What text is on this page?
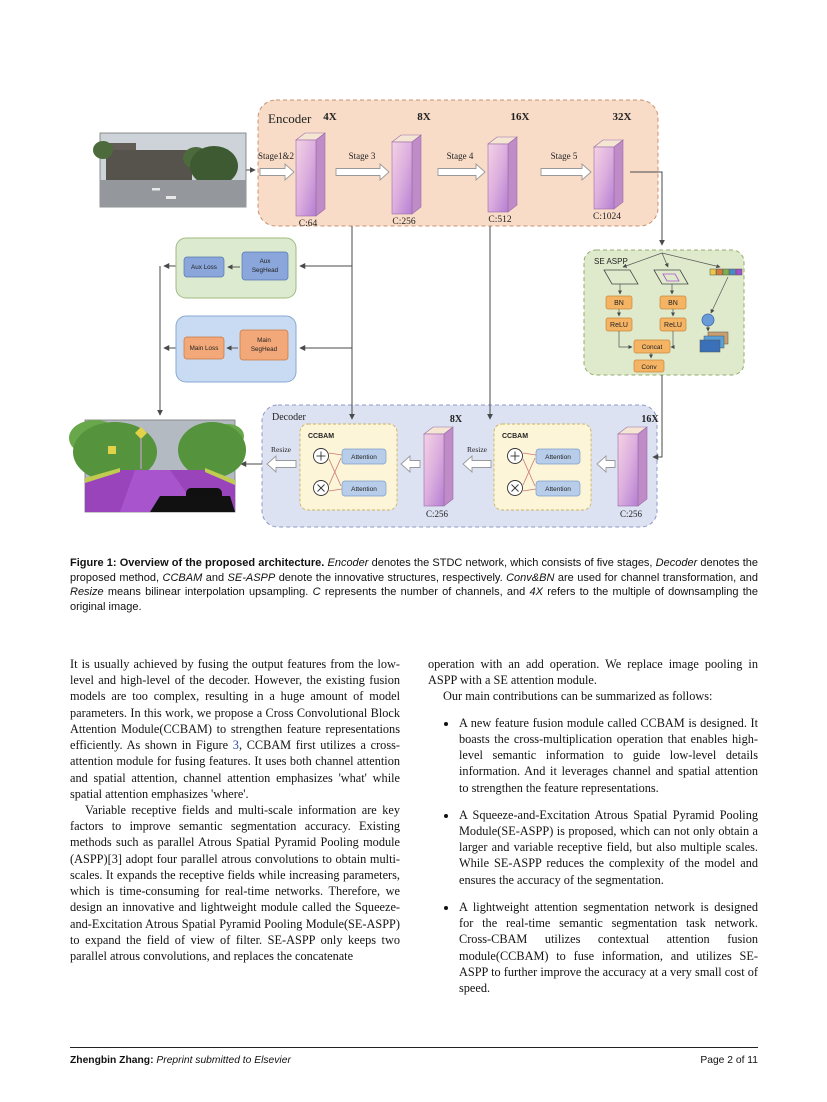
Encoder
Decoder
SE ASPP
4X	8X	16X	32X
C:64	C:256	C:512	C:1024
Stage1&2	Stage 3	Stage 4	Stage 5
Aux Loss
Aux
SegHead
Main Loss
Main
SegHead
BN	BN
ReLU	ReLU
Concat
Conv
Resize	Resize
CCBAM
Attention
Attention
CCBAM
Attention
Attention
8X	16X
C:256	C:256

Figure 1: Overview of the proposed architecture. Encoder denotes the STDC network, which consists of five stages, Decoder denotes the proposed method, CCBAM and SE-ASPP denote the innovative structures, respectively. Conv&BN are used for channel transformation, and Resize means bilinear interpolation upsampling. C represents the number of channels, and 4X refers to the multiple of downsampling the original image.

It is usually achieved by fusing the output features from the low-level and high-level of the decoder. However, the existing fusion models are too complex, resulting in a huge amount of model parameters. In this work, we propose a Cross Convolutional Block Attention Module(CCBAM) to strengthen feature representations efficiently. As shown in Figure 3, CCBAM first utilizes a cross-attention module for fusing features. It uses both channel attention and spatial attention, channel attention emphasizes 'what' while spatial attention emphasizes 'where'.

Variable receptive fields and multi-scale information are key factors to improve semantic segmentation accuracy. Existing methods such as parallel Atrous Spatial Pyramid Pooling module (ASPP)[3] adopt four parallel atrous convolutions to obtain multi-scales. It expands the receptive fields while increasing parameters, which is time-consuming for real-time networks. Therefore, we design an innovative and lightweight module called the Squeeze-and-Excitation Atrous Spatial Pyramid Pooling Module(SE-ASPP) to expand the field of view of filter. SE-ASPP only keeps two parallel atrous convolutions, and replaces the concatenate

operation with an add operation. We replace image pooling in ASPP with a SE attention module.

Our main contributions can be summarized as follows:

• A new feature fusion module called CCBAM is designed. It boasts the cross-multiplication operation that enables high-level semantic information to guide low-level details information. And it leverages channel and spatial attention to strengthen the feature representations.
• A Squeeze-and-Excitation Atrous Spatial Pyramid Pooling Module(SE-ASPP) is proposed, which can not only obtain a larger and variable receptive field, but also multiple scales. While SE-ASPP reduces the complexity of the model and ensures the accuracy of the segmentation.
• A lightweight attention segmentation network is designed for the real-time semantic segmentation task network. Cross-CBAM utilizes contextual attention fusion module(CCBAM) to fuse information, and utilizes SE-ASPP to further improve the accuracy at a very small cost of speed.
Zhengbin Zhang: Preprint submitted to Elsevier	Page 2 of 11
